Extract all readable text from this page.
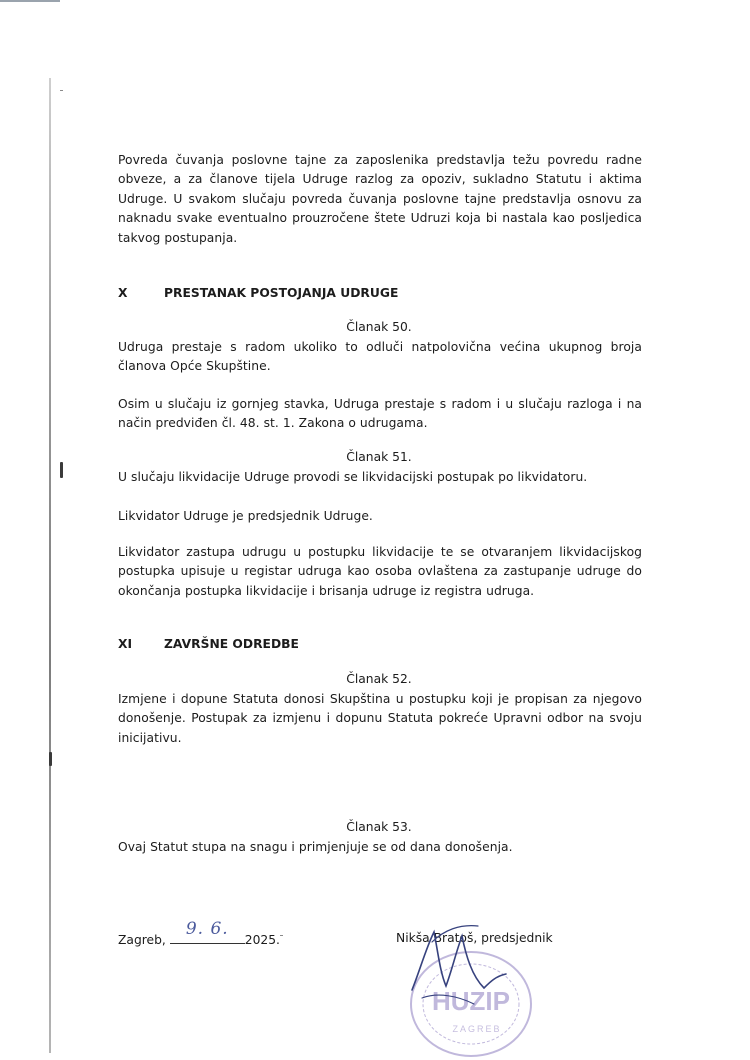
Povreda čuvanja poslovne tajne za zaposlenika predstavlja težu povredu radne obveze, a za članove tijela Udruge razlog za opoziv, sukladno Statutu i aktima Udruge. U svakom slučaju povreda čuvanja poslovne tajne predstavlja osnovu za naknadu svake eventualno prouzročene štete Udruzi koja bi nastala kao posljedica takvog postupanja.

X	PRESTANAK POSTOJANJA UDRUGE

Članak 50.

Udruga prestaje s radom ukoliko to odluči natpolovična većina ukupnog broja članova Opće Skupštine.

Osim u slučaju iz gornjeg stavka, Udruga prestaje s radom i u slučaju razloga i na način predviđen čl. 48. st. 1. Zakona o udrugama.

Članak 51.

U slučaju likvidacije Udruge provodi se likvidacijski postupak po likvidatoru.

Likvidator Udruge je predsjednik Udruge.

Likvidator zastupa udrugu u postupku likvidacije te se otvaranjem likvidacijskog postupka upisuje u registar udruga kao osoba ovlaštena za zastupanje udruge do okončanja postupka likvidacije i brisanja udruge iz registra udruga.

XI	ZAVRŠNE ODREDBE

Članak 52.

Izmjene i dopune Statuta donosi Skupština u postupku koji je propisan za njegovo donošenje. Postupak za izmjenu i dopunu Statuta pokreće Upravni odbor na svoju inicijativu.

Članak 53.

Ovaj Statut stupa na snagu i primjenjuje se od dana donošenja.

Zagreb,
9. 6.
2025.	Nikša Bratoš, predsjednik
HUZIP
ZAGREB
